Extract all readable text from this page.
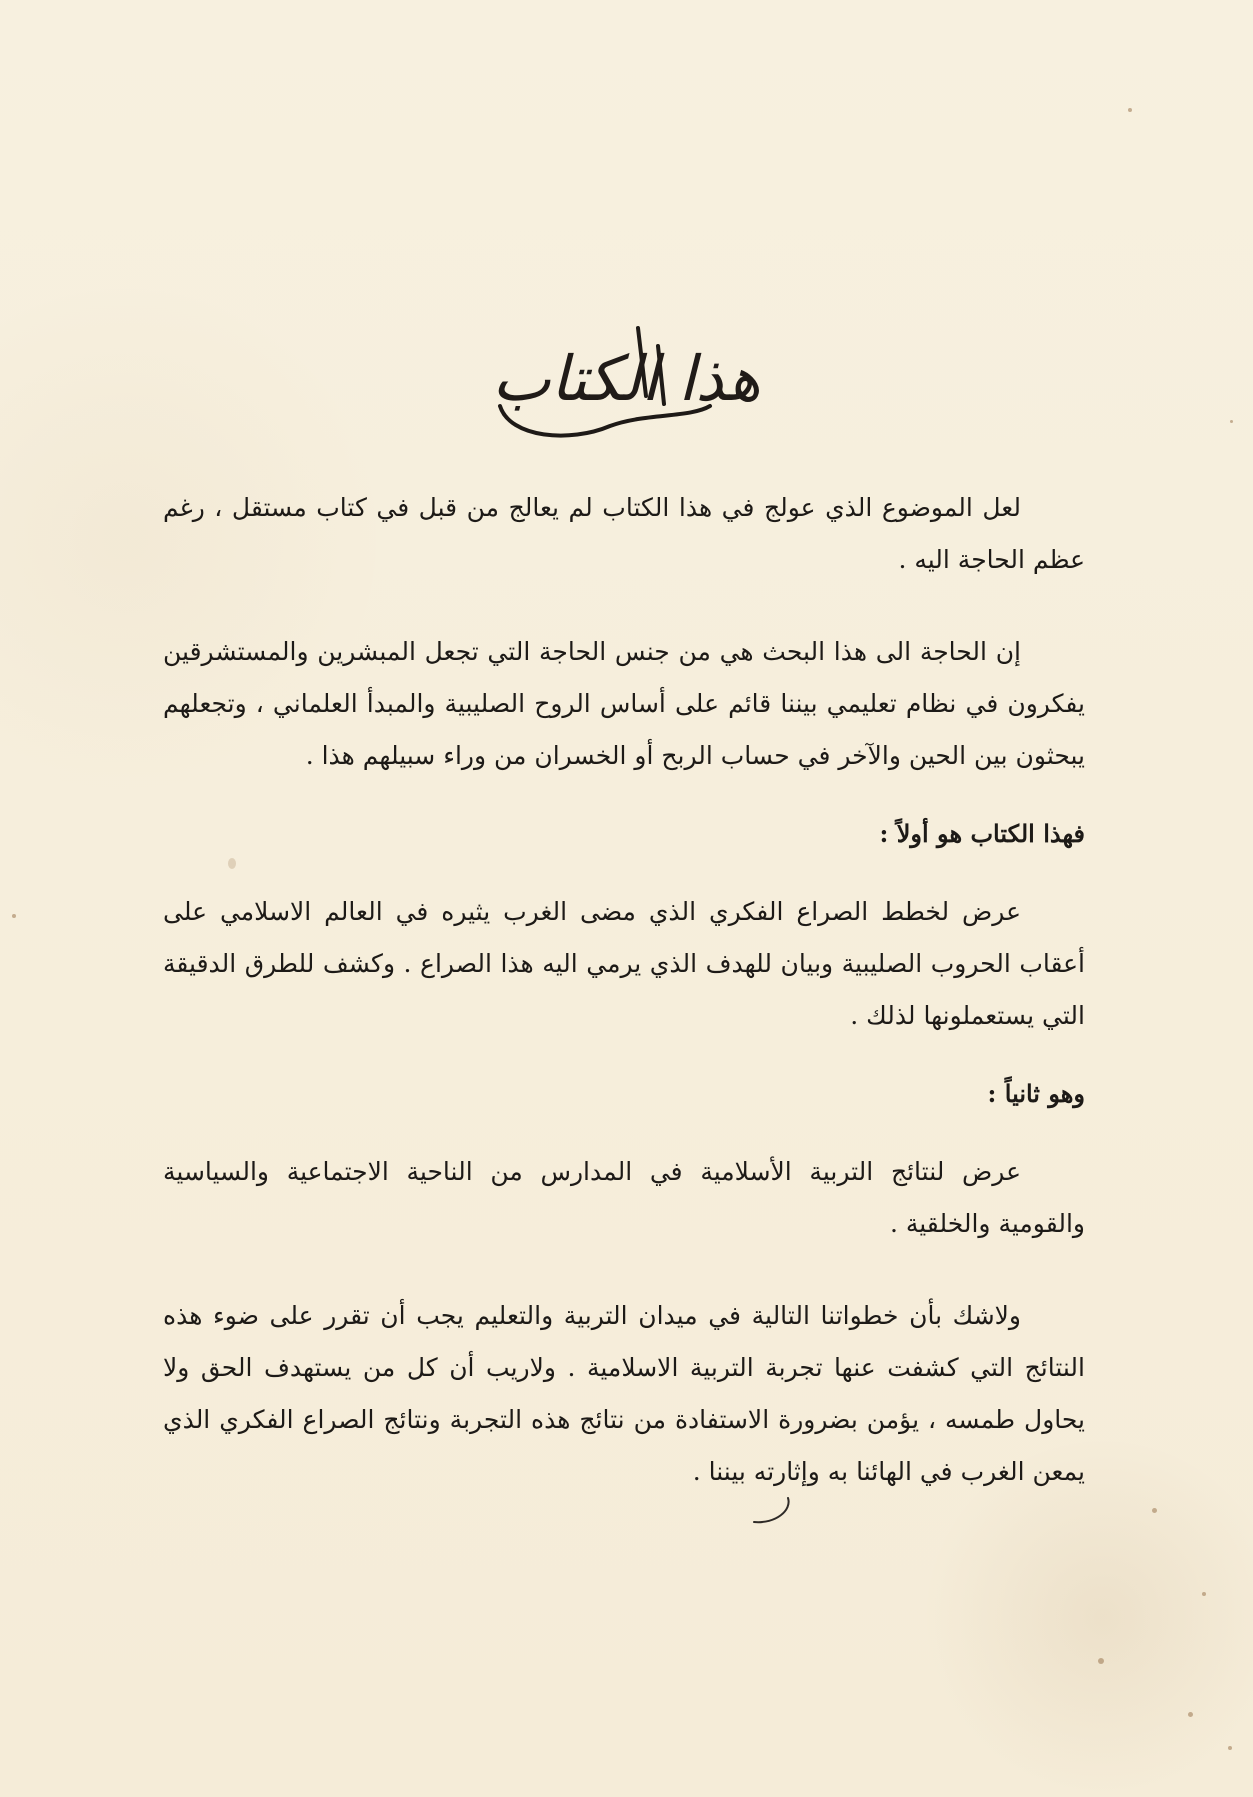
هذا الكتاب

لعل الموضوع الذي عولج في هذا الكتاب لم يعالج من قبل في كتاب مستقل ، رغم عظم الحاجة اليه .

إن الحاجة الى هذا البحث هي من جنس الحاجة التي تجعل المبشرين والمستشرقين يفكرون في نظام تعليمي بيننا قائم على أساس الروح الصليبية والمبدأ العلماني ، وتجعلهم يبحثون بين الحين والآخر في حساب الربح أو الخسران من وراء سبيلهم هذا .

فهذا الكتاب هو أولاً :

عرض لخطط الصراع الفكري الذي مضى الغرب يثيره في العالم الاسلامي على أعقاب الحروب الصليبية وبيان للهدف الذي يرمي اليه هذا الصراع . وكشف للطرق الدقيقة التي يستعملونها لذلك .

وهو ثانياً :

عرض لنتائج التربية الأسلامية في المدارس من الناحية الاجتماعية والسياسية والقومية والخلقية .

ولاشك بأن خطواتنا التالية في ميدان التربية والتعليم يجب أن تقرر على ضوء هذه النتائج التي كشفت عنها تجربة التربية الاسلامية . ولاريب أن كل من يستهدف الحق ولا يحاول طمسه ، يؤمن بضرورة الاستفادة من نتائج هذه التجربة ونتائج الصراع الفكري الذي يمعن الغرب في الهائنا به وإثارته بيننا .
